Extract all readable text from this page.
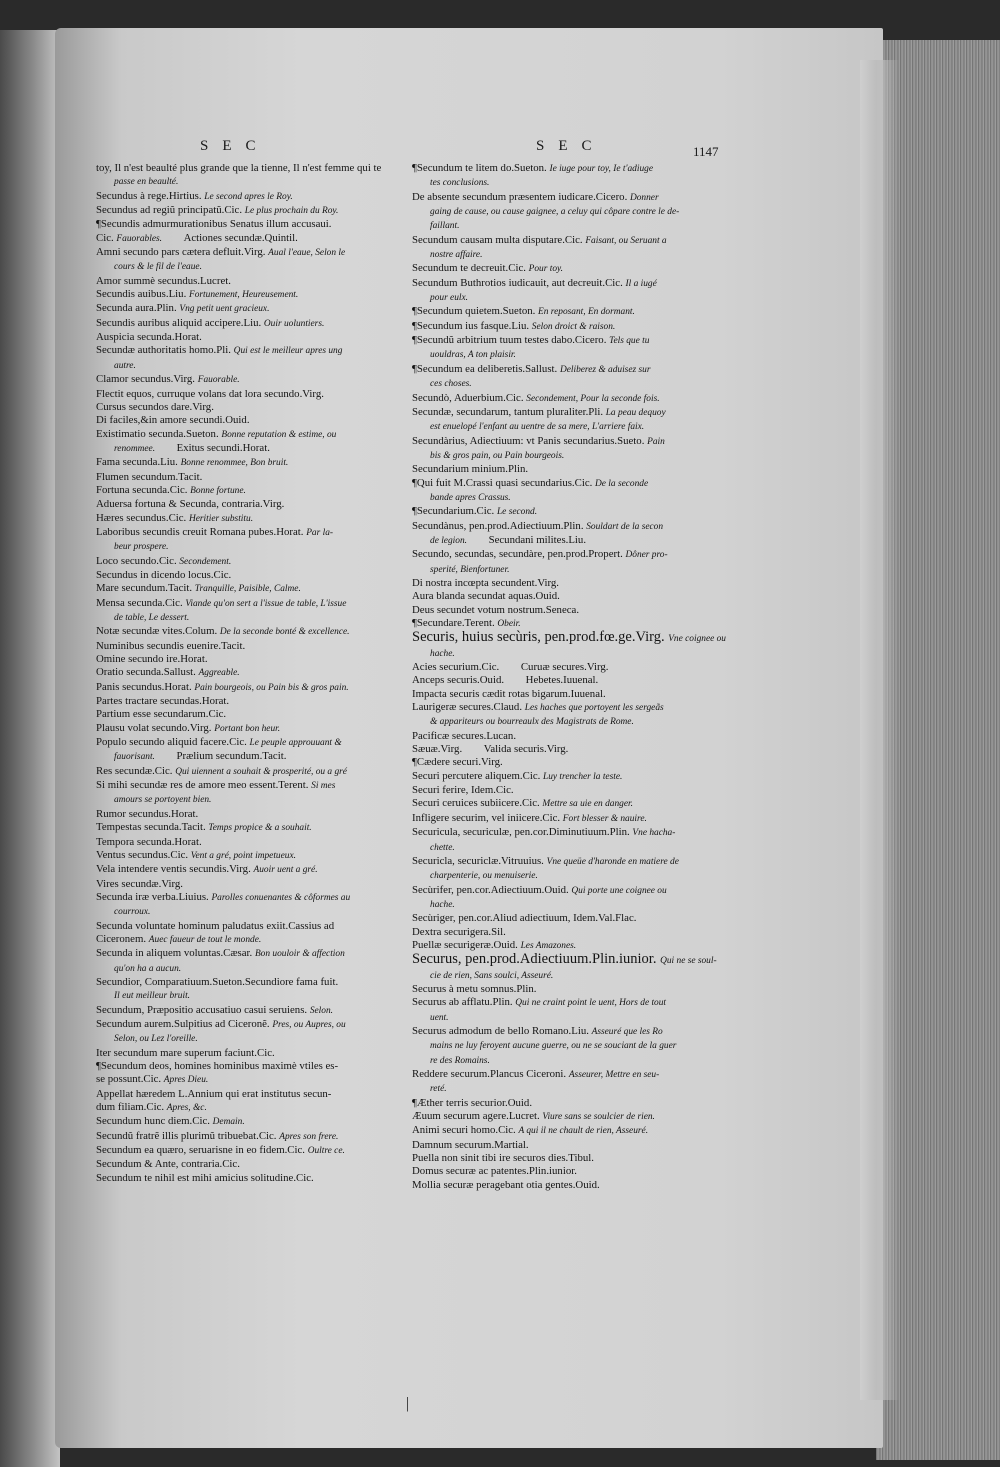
SEC	SEC	1147

toy, Il n'est beaulté plus grande que la tienne, Il n'est femme qui te

passe en beaulté.

Secundus à rege.Hirtius. Le second apres le Roy.

Secundus ad regiũ principatũ.Cic. Le plus prochain du Roy.

¶Secundis admurmurationibus Senatus illum accusaui.

Cic. Fauorables.   Actiones secundæ.Quintil.

Amni secundo pars cætera defluit.Virg. Aual l'eaue, Selon le

cours & le fil de l'eaue.

Amor summè secundus.Lucret.

Secundis auibus.Liu. Fortunement, Heureusement.

Secunda aura.Plin. Vng petit uent gracieux.

Secundis auribus aliquid accipere.Liu. Ouir uoluntiers.

Auspicia secunda.Horat.

Secundæ authoritatis homo.Pli. Qui est le meilleur apres ung

autre.

Clamor secundus.Virg. Fauorable.

Flectit equos, curruque volans dat lora secundo.Virg.

Cursus secundos dare.Virg.

Di faciles,&in amore secundi.Ouid.

Existimatio secunda.Sueton. Bonne reputation & estime, ou

renommee.   Exitus secundi.Horat.

Fama secunda.Liu. Bonne renommee, Bon bruit.

Flumen secundum.Tacit.

Fortuna secunda.Cic. Bonne fortune.

Aduersa fortuna & Secunda, contraria.Virg.

Hæres secundus.Cic. Heritier substitu.

Laboribus secundis creuit Romana pubes.Horat. Par la-

beur prospere.

Loco secundo.Cic. Secondement.

Secundus in dicendo locus.Cic.

Mare secundum.Tacit. Tranquille, Paisible, Calme.

Mensa secunda.Cic. Viande qu'on sert a l'issue de table, L'issue

de table, Le dessert.

Notæ secundæ vites.Colum. De la seconde bonté & excellence.

Numinibus secundis euenire.Tacit.

Omine secundo ire.Horat.

Oratio secunda.Sallust. Aggreable.

Panis secundus.Horat. Pain bourgeois, ou Pain bis & gros pain.

Partes tractare secundas.Horat.

Partium esse secundarum.Cic.

Plausu volat secundo.Virg. Portant bon heur.

Populo secundo aliquid facere.Cic. Le peuple approuuant &

fauorisant.   Prælium secundum.Tacit.

Res secundæ.Cic. Qui uiennent a souhait & prosperité, ou a gré

Si mihi secundæ res de amore meo essent.Terent. Si mes

amours se portoyent bien.

Rumor secundus.Horat.

Tempestas secunda.Tacit. Temps propice & a souhait.

Tempora secunda.Horat.

Ventus secundus.Cic. Vent a gré, point impetueux.

Vela intendere ventis secundis.Virg. Auoir uent a gré.

Vires secundæ.Virg.

Secunda iræ verba.Liuius. Parolles conuenantes & côformes au

courroux.

Secunda voluntate hominum paludatus exiit.Cassius ad

Ciceronem. Auec faueur de tout le monde.

Secunda in aliquem voluntas.Cæsar. Bon uouloir & affection

qu'on ha a aucun.

Secundior, Comparatiuum.Sueton.Secundiore fama fuit.

Il eut meilleur bruit.

Secundum, Præpositio accusatiuo casui seruiens. Selon.

Secundum aurem.Sulpitius ad Ciceronẽ. Pres, ou Aupres, ou

Selon, ou Lez l'oreille.

Iter secundum mare superum faciunt.Cic.

¶Secundum deos, homines hominibus maximè vtiles es-

se possunt.Cic. Apres Dieu.

Appellat hæredem L.Annium qui erat institutus secun-

dum filiam.Cic. Apres, &c.

Secundum hunc diem.Cic. Demain.

Secundũ fratrẽ illis plurimũ tribuebat.Cic. Apres son frere.

Secundum ea quæro, seruarisne in eo fidem.Cic. Oultre ce.

Secundum & Ante, contraria.Cic.

Secundum te nihil est mihi amicius solitudine.Cic.

¶Secundum te litem do.Sueton. Ie iuge pour toy, Ie t'adiuge

tes conclusions.

De absente secundum præsentem iudicare.Cicero. Donner

gaing de cause, ou cause gaignee, a celuy qui côpare contre le de-

faillant.

Secundum causam multa disputare.Cic. Faisant, ou Seruant a

nostre affaire.

Secundum te decreuit.Cic. Pour toy.

Secundum Buthrotios iudicauit, aut decreuit.Cic. Il a iugé

pour eulx.

¶Secundum quietem.Sueton. En reposant, En dormant.

¶Secundum ius fasque.Liu. Selon droict & raison.

¶Secundũ arbitrium tuum testes dabo.Cicero. Tels que tu

uouldras, A ton plaisir.

¶Secundum ea deliberetis.Sallust. Deliberez & aduisez sur

ces choses.

Secundò, Aduerbium.Cic. Secondement, Pour la seconde fois.

Secundæ, secundarum, tantum pluraliter.Pli. La peau dequoy

est enuelopé l'enfant au uentre de sa mere, L'arriere faix.

Secundàrius, Adiectiuum: vt Panis secundarius.Sueto. Pain

bis & gros pain, ou Pain bourgeois.

Secundarium minium.Plin.

¶Qui fuit M.Crassi quasi secundarius.Cic. De la seconde

bande apres Crassus.

¶Secundarium.Cic. Le second.

Secundànus, pen.prod.Adiectiuum.Plin. Souldart de la secon

de legion.   Secundani milites.Liu.

Secundo, secundas, secundàre, pen.prod.Propert. Dôner pro-

sperité, Bienfortuner.

Di nostra incœpta secundent.Virg.

Aura blanda secundat aquas.Ouid.

Deus secundet votum nostrum.Seneca.

¶Secundare.Terent. Obeir.

Securis, huius secùris, pen.prod.fœ.ge.Virg. Vne coignee ou

hache.

Acies securium.Cic.   Curuæ secures.Virg.

Anceps securis.Ouid.   Hebetes.Iuuenal.

Impacta securis cædit rotas bigarum.Iuuenal.

Laurigeræ secures.Claud. Les haches que portoyent les sergeãs

& appariteurs ou bourreaulx des Magistrats de Rome.

Pacificæ secures.Lucan.

Sæuæ.Virg.   Valida securis.Virg.

¶Cædere securi.Virg.

Securi percutere aliquem.Cic. Luy trencher la teste.

Securi ferire, Idem.Cic.

Securi ceruices subiicere.Cic. Mettre sa uie en danger.

Infligere securim, vel iniicere.Cic. Fort blesser & nauire.

Securicula, securiculæ, pen.cor.Diminutiuum.Plin. Vne hacha-

chette.

Securicla, securiclæ.Vitruuius. Vne queüe d'haronde en matiere de

charpenterie, ou menuiserie.

Secùrifer, pen.cor.Adiectiuum.Ouid. Qui porte une coignee ou

hache.

Secùriger, pen.cor.Aliud adiectiuum, Idem.Val.Flac.

Dextra securigera.Sil.

Puellæ securigeræ.Ouid. Les Amazones.

Securus, pen.prod.Adiectiuum.Plin.iunior. Qui ne se soul-

cie de rien, Sans soulci, Asseuré.

Securus à metu somnus.Plin.

Securus ab afflatu.Plin. Qui ne craint point le uent, Hors de tout

uent.

Securus admodum de bello Romano.Liu. Asseuré que les Ro

mains ne luy feroyent aucune guerre, ou ne se souciant de la guer

re des Romains.

Reddere securum.Plancus Ciceroni. Asseurer, Mettre en seu-

reté.

¶Æther terris securior.Ouid.

Æuum securum agere.Lucret. Viure sans se soulcier de rien.

Animi securi homo.Cic. A qui il ne chault de rien, Asseuré.

Damnum securum.Martial.

Puella non sinit tibi ire securos dies.Tibul.

Domus securæ ac patentes.Plin.iunior.

Mollia securæ peragebant otia gentes.Ouid.

|
